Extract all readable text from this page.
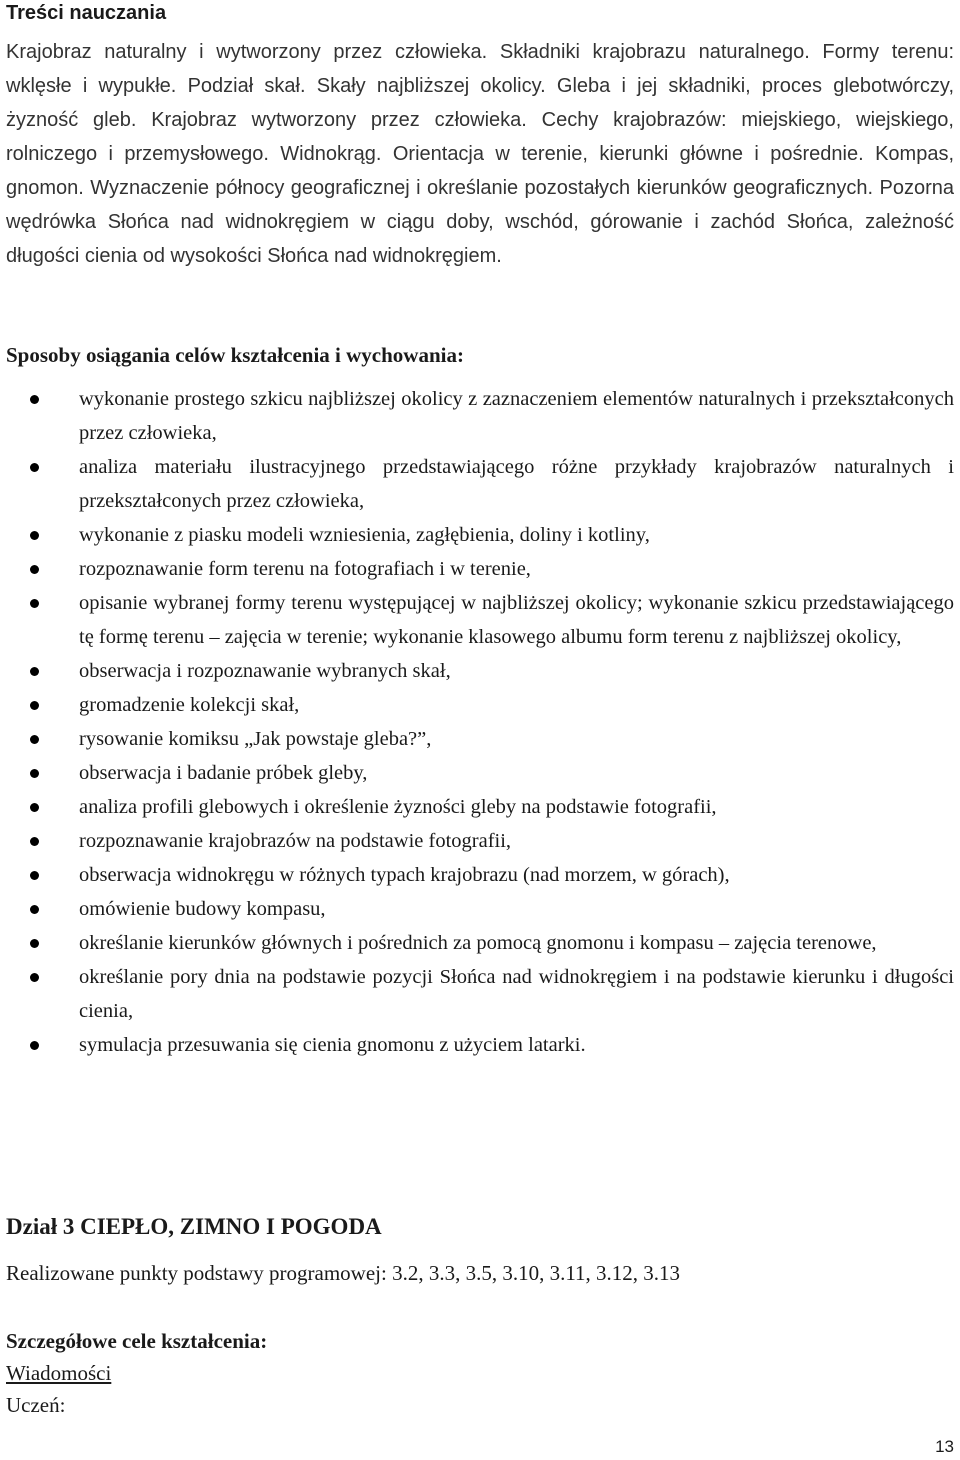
Treści nauczania
Krajobraz naturalny i wytworzony przez człowieka. Składniki krajobrazu naturalnego. Formy terenu: wklęsłe i wypukłe. Podział skał. Skały najbliższej okolicy. Gleba i jej składniki, proces glebotwórczy, żyzność gleb. Krajobraz wytworzony przez człowieka. Cechy krajobrazów: miejskiego, wiejskiego, rolniczego i przemysłowego. Widnokrąg. Orientacja w terenie, kierunki główne i pośrednie. Kompas, gnomon. Wyznaczenie północy geograficznej i określanie pozostałych kierunków geograficznych. Pozorna wędrówka Słońca nad widnokręgiem w ciągu doby, wschód, górowanie i zachód Słońca, zależność długości cienia od wysokości Słońca nad widnokręgiem.
Sposoby osiągania celów kształcenia i wychowania:
wykonanie prostego szkicu najbliższej okolicy z zaznaczeniem elementów naturalnych i przekształconych przez człowieka,
analiza materiału ilustracyjnego przedstawiającego różne przykłady krajobrazów naturalnych i przekształconych przez człowieka,
wykonanie z piasku modeli wzniesienia, zagłębienia, doliny i kotliny,
rozpoznawanie form terenu na fotografiach i w terenie,
opisanie wybranej formy terenu występującej w najbliższej okolicy; wykonanie szkicu przedstawiającego tę formę terenu – zajęcia w terenie; wykonanie klasowego albumu form terenu z najbliższej okolicy,
obserwacja i rozpoznawanie wybranych skał,
gromadzenie kolekcji skał,
rysowanie komiksu „Jak powstaje gleba?”,
obserwacja i badanie próbek gleby,
analiza profili glebowych i określenie żyzności gleby na podstawie fotografii,
rozpoznawanie krajobrazów na podstawie fotografii,
obserwacja widnokręgu w różnych typach krajobrazu (nad morzem, w górach),
omówienie budowy kompasu,
określanie kierunków głównych i pośrednich za pomocą gnomonu i kompasu – zajęcia terenowe,
określanie pory dnia na podstawie pozycji Słońca nad widnokręgiem i na podstawie kierunku i długości cienia,
symulacja przesuwania się cienia gnomonu z użyciem latarki.
Dział 3 CIEPŁO, ZIMNO I POGODA
Realizowane punkty podstawy programowej: 3.2, 3.3, 3.5, 3.10, 3.11, 3.12, 3.13
Szczegółowe cele kształcenia:
Wiadomości
Uczeń:
13
